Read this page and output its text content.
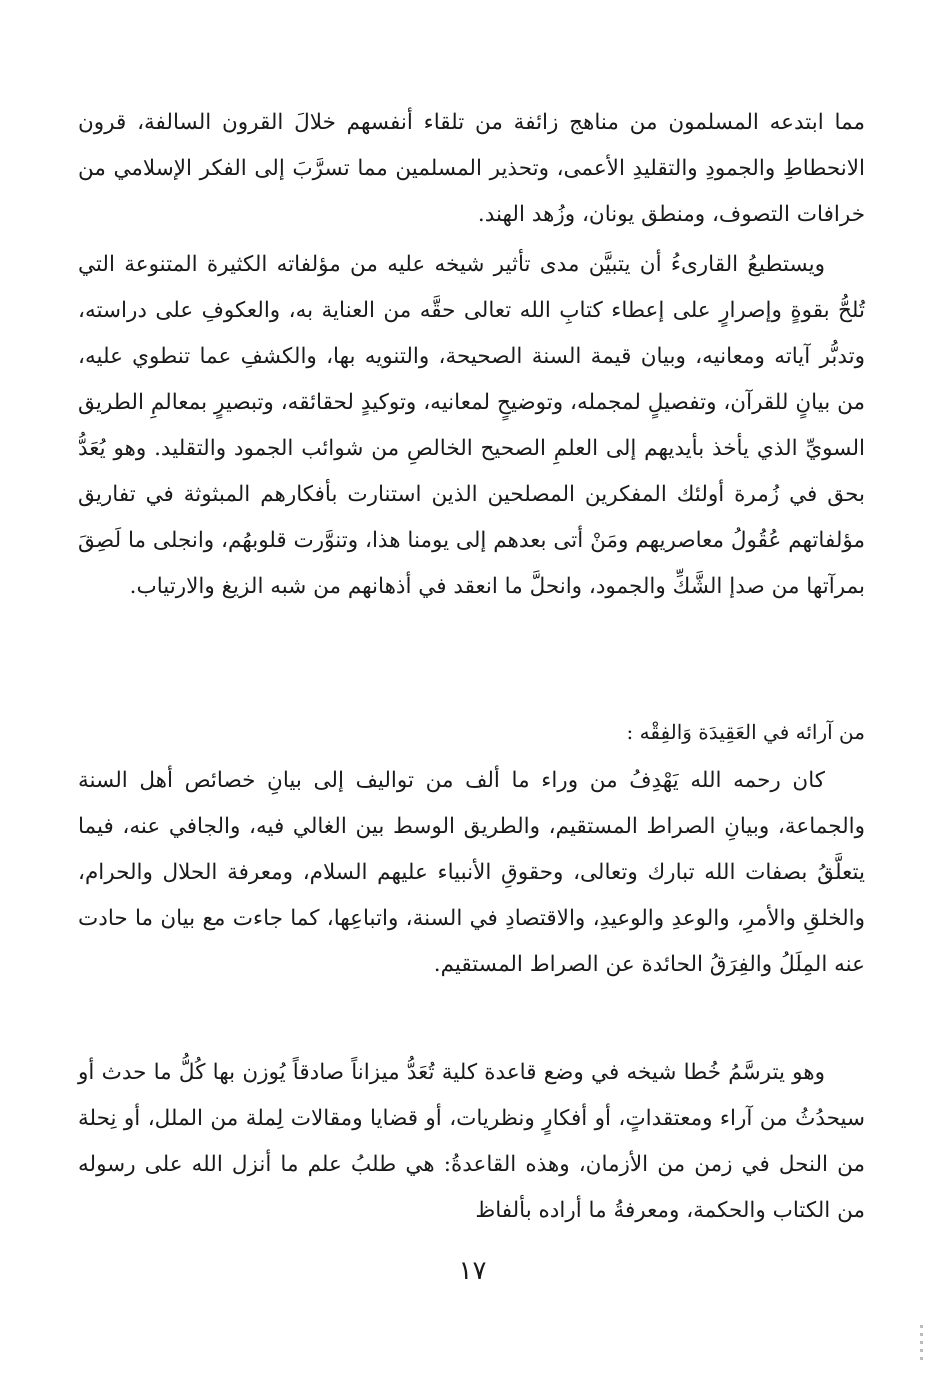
مما ابتدعه المسلمون من مناهج زائفة من تلقاء أنفسهم خلالَ القرون السالفة، قرون الانحطاطِ والجمودِ والتقليدِ الأعمى، وتحذير المسلمين مما تسرَّبَ إلى الفكر الإسلامي من خرافات التصوف، ومنطق يونان، وزُهد الهند.

ويستطيعُ القارىءُ أن يتبيَّن مدى تأثير شيخه عليه من مؤلفاته الكثيرة المتنوعة التي تُلحُّ بقوةٍ وإصرارٍ على إعطاء كتابِ الله تعالى حقَّه من العناية به، والعكوفِ على دراسته، وتدبُّر آياته ومعانيه، وبيان قيمة السنة الصحيحة، والتنويه بها، والكشفِ عما تنطوي عليه، من بيانٍ للقرآن، وتفصيلٍ لمجمله، وتوضيحٍ لمعانيه، وتوكيدٍ لحقائقه، وتبصيرٍ بمعالمِ الطريق السويِّ الذي يأخذ بأيديهم إلى العلمِ الصحيح الخالصِ من شوائب الجمود والتقليد. وهو يُعَدُّ بحق في زُمرة أولئك المفكرين المصلحين الذين استنارت بأفكارهم المبثوثة في تفاريق مؤلفاتهم عُقُولُ معاصريهم ومَنْ أتى بعدهم إلى يومنا هذا، وتنوَّرت قلوبهُم، وانجلى ما لَصِقَ بمرآتها من صدإ الشَّكِّ والجمود، وانحلَّ ما انعقد في أذهانهم من شبه الزيغ والارتياب.

من آرائه في العَقِيدَة وَالفِقْه :

كان رحمه الله يَهْدِفُ من وراء ما ألف من تواليف إلى بيانِ خصائص أهل السنة والجماعة، وبيانِ الصراط المستقيم، والطريق الوسط بين الغالي فيه، والجافي عنه، فيما يتعلَّقُ بصفات الله تبارك وتعالى، وحقوقِ الأنبياء عليهم السلام، ومعرفة الحلال والحرام، والخلقِ والأمرِ، والوعدِ والوعيدِ، والاقتصادِ في السنة، واتباعِها، كما جاءت مع بيان ما حادت عنه المِلَلُ والفِرَقُ الحائدة عن الصراط المستقيم.

وهو يترسَّمُ خُطا شيخه في وضع قاعدة كلية تُعَدُّ ميزاناً صادقاً يُوزن بها كُلُّ ما حدث أو سيحدُثُ من آراء ومعتقداتٍ، أو أفكارٍ ونظريات، أو قضايا ومقالات لِملة من الملل، أو نِحلة من النحل في زمن من الأزمان، وهذه القاعدةُ: هي طلبُ علم ما أنزل الله على رسوله من الكتاب والحكمة، ومعرفةُ ما أراده بألفاظ

١٧
